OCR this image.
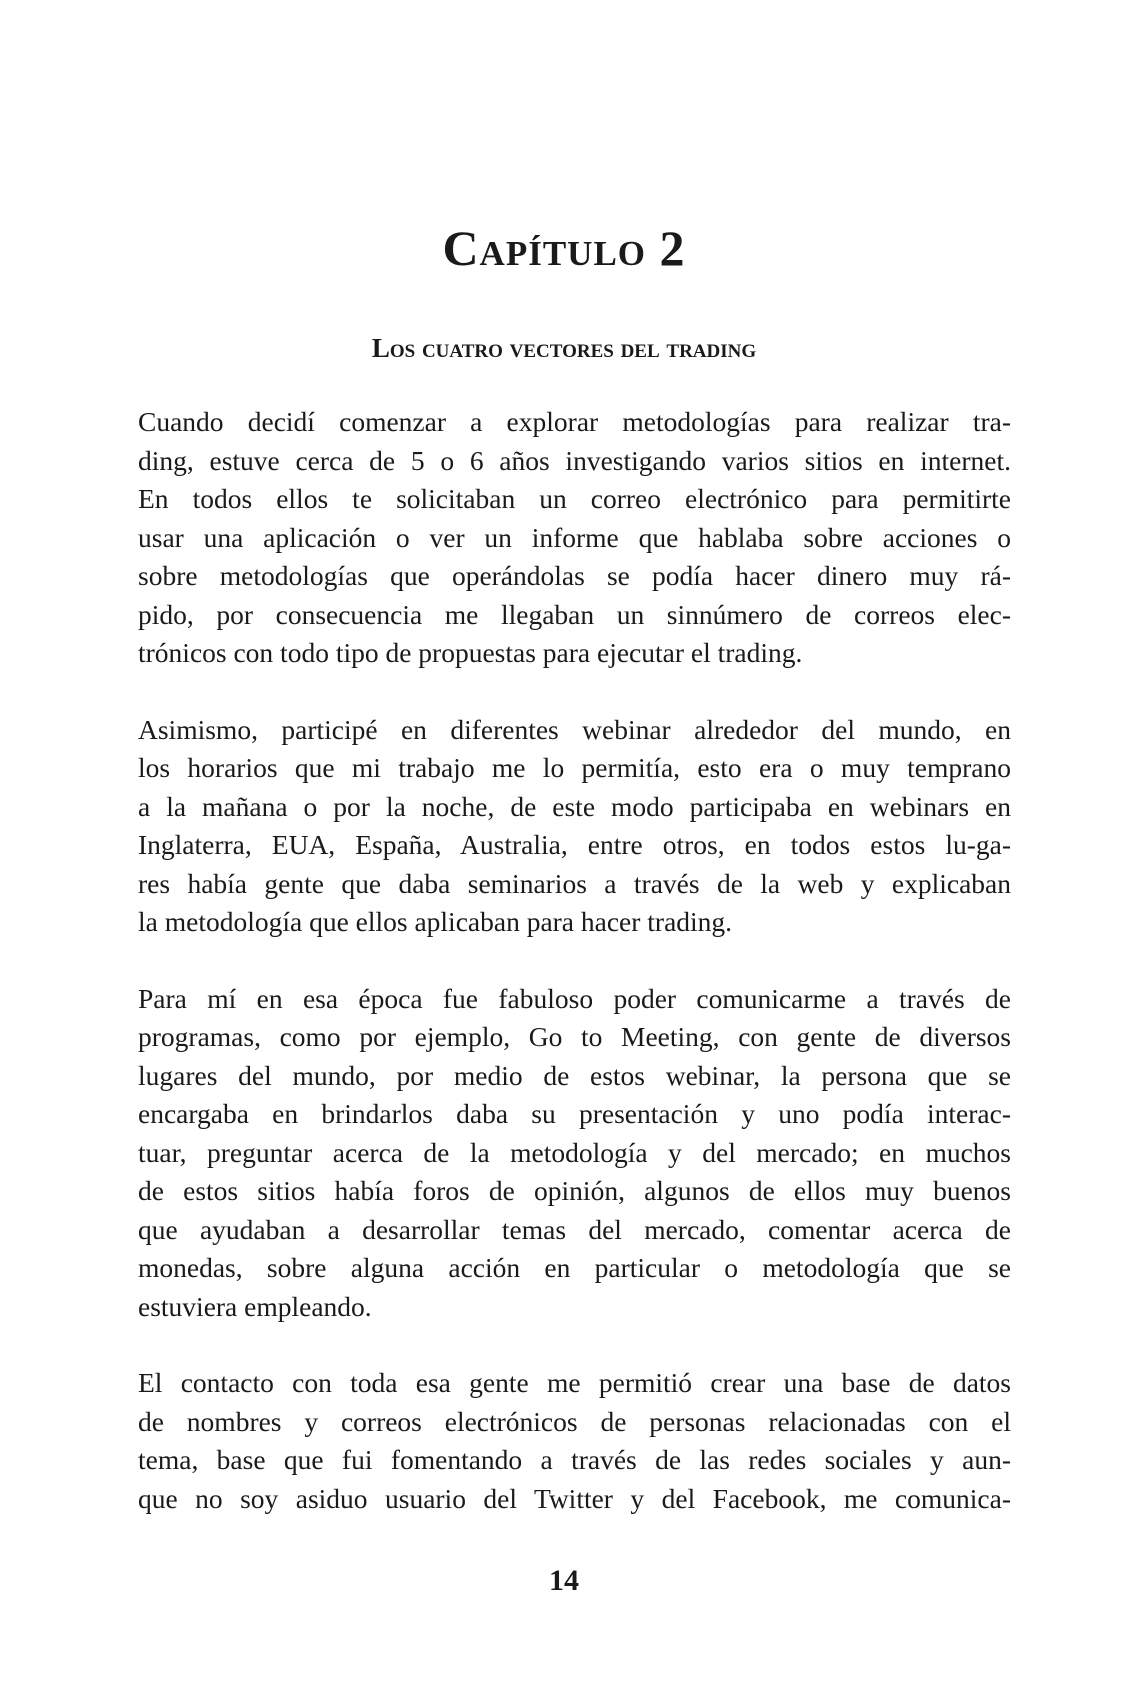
Capítulo 2
Los cuatro vectores del trading

Cuando decidí comenzar a explorar metodologías para realizar tra-
ding, estuve cerca de 5 o 6 años investigando varios sitios en internet.
En todos ellos te solicitaban un correo electrónico para permitirte
usar una aplicación o ver un informe que hablaba sobre acciones o
sobre metodologías que operándolas se podía hacer dinero muy rá-
pido, por consecuencia me llegaban un sinnúmero de correos elec-
trónicos con todo tipo de propuestas para ejecutar el trading.

Asimismo, participé en diferentes webinar alrededor del mundo, en
los horarios que mi trabajo me lo permitía, esto era o muy temprano
a la mañana o por la noche, de este modo participaba en webinars en
Inglaterra, EUA, España, Australia, entre otros, en todos estos lu-ga-
res había gente que daba seminarios a través de la web y explicaban
la metodología que ellos aplicaban para hacer trading.

Para mí en esa época fue fabuloso poder comunicarme a través de
programas, como por ejemplo, Go to Meeting, con gente de diversos
lugares del mundo, por medio de estos webinar, la persona que se
encargaba en brindarlos daba su presentación y uno podía interac-
tuar, preguntar acerca de la metodología y del mercado; en muchos
de estos sitios había foros de opinión, algunos de ellos muy buenos
que ayudaban a desarrollar temas del mercado, comentar acerca de
monedas, sobre alguna acción en particular o metodología que se
estuviera empleando.

El contacto con toda esa gente me permitió crear una base de datos
de nombres y correos electrónicos de personas relacionadas con el
tema, base que fui fomentando a través de las redes sociales y aun-
que no soy asiduo usuario del Twitter y del Facebook, me comunica-

14
